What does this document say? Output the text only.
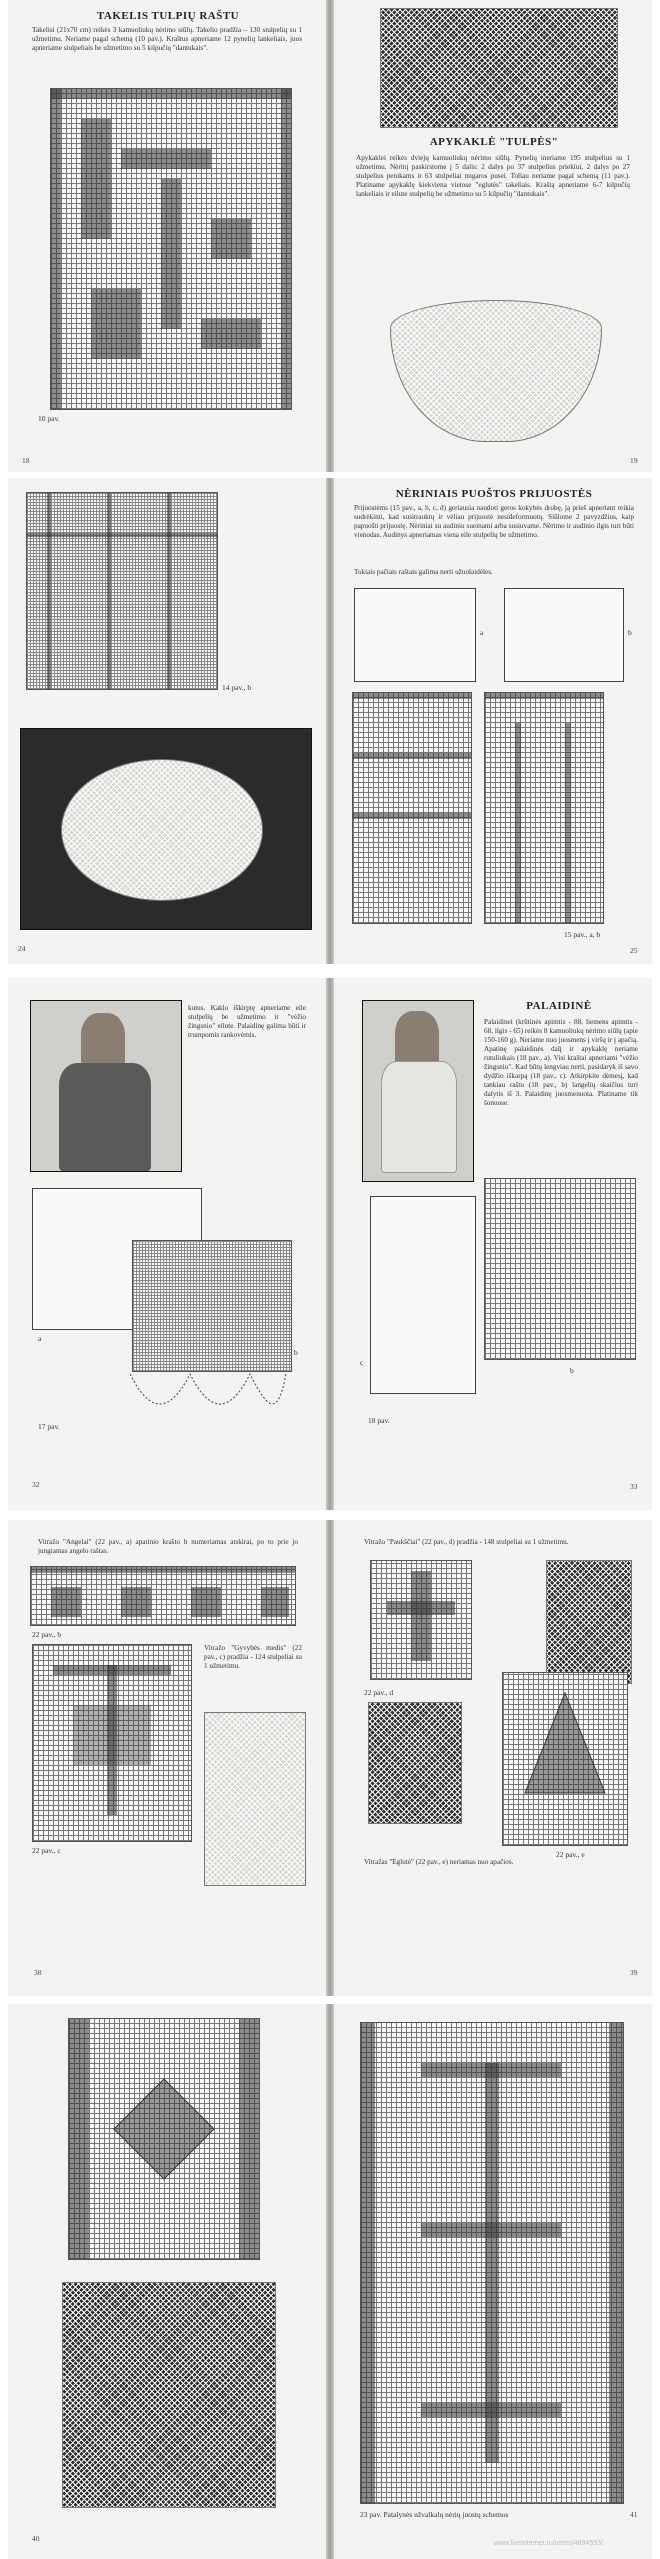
TAKELIS TULPIŲ RAŠTU
Takelisi (21x70 cm) reikės 3 kamuoliukų nėrimo siūlų. Takelio pradžia – 130 stulpelių su 1 užmetimu. Neriame pagal schemą (10 pav.). Kraštus apneriame 12 pynelių lankeliais, juos apneriame stulpeliais be užmetimo su 5 kilpučių "dantukais".
10 pav.
18
APYKAKLĖ "TULPĖS"
Apykaklei reikės dviejų kamuoliukų nėrimo siūlų. Pynelių ineriame 195 stulpelius su 1 užmetimu. Nėrinį paskirstome į 5 dalis: 2 dalys po 37 stulpelius priekiui, 2 dalys po 27 stulpelius petukams ir 63 stulpeliai nugaros pusei. Toliau neriame pagal schemą (11 pav.). Platiname apykaklę kiekviena vietose "eglutės" takeliais. Kraštą apneriame 6-7 kilpučių lankeliais ir eilute stulpelių be užmetimo su 5 kilpučių "dantukais".
19
14 pav., b
24
NĖRINIAIS PUOŠTOS PRIJUOSTĖS
Prijuostėms (15 pav., a, b, c, d) geriausia naudoti geros kokybės drobę, ją prieš apneriant reikia sudrėkinti, kad susitrauktų ir vėliau prijuostė nesideformuotų. Siūlome 2 pavyzdžius, kaip papuošti prijuostę. Nėriniai su audiniu sueinami arba susiuvame. Nėrimo ir audinio ilgis turi būti vienodas. Audinys apneriamas viena eile stulpelių be užmetimo.
Tokiais pačiais raštais galima nerti užuolaidėles.
a	b
15 pav., a, b
25
kutus. Kaklo iškirptę apneriame eile stulpelių be užmetimo ir "vėžio žingsnio" eilute. Palaidinę galima būti ir trumpomis rankovėmis.
a
b
17 pav.
32
PALAIDINĖ
Palaidinei (krūtinės apimtis - 88, liemens apimtis - 68, ilgis - 65) reikės 8 kamuoliukų nėrimo siūlų (apie 150-160 g). Neriame nuo juosmens į viršų ir į apačią. Apatinę palaidinės dalį ir apykaklę neriame rutuliukais (18 pav., a). Visi kraštai apneriami "vėžio žingsniu". Kad būtų lengviau nerti, pasidaryk iš savo dydžio iškarpą (18 pav., c). Atkirpkite dėmesį, kad tankiau raštu (18 pav., b) langelių skaičius turi dalytis iš 3. Palaidinę juosmenuota. Platiname tik šonuose.
b
c
18 pav.
33
Vitražo "Angelai" (22 pav., a) apatinio krašto b numeriamas atskirai, po to prie jo jungiamas angelo raštas.
22 pav., b
Vitražo "Gyvybės medis" (22 pav., c) pradžia - 124 stulpeliai su 1 užmetimu.
22 pav., c
38
Vitražo "Paukščiai" (22 pav., d) pradžia - 148 stulpeliai su 1 užmetimu.
22 pav., d
22 pav., e
Vitražas "Eglutė" (22 pav., e) neriamas nuo apačios.
39
40
23 pav. Patalynės užvalkalų nėrių juostų schemos	41
www.liveinternet.ru/users/4894553/
